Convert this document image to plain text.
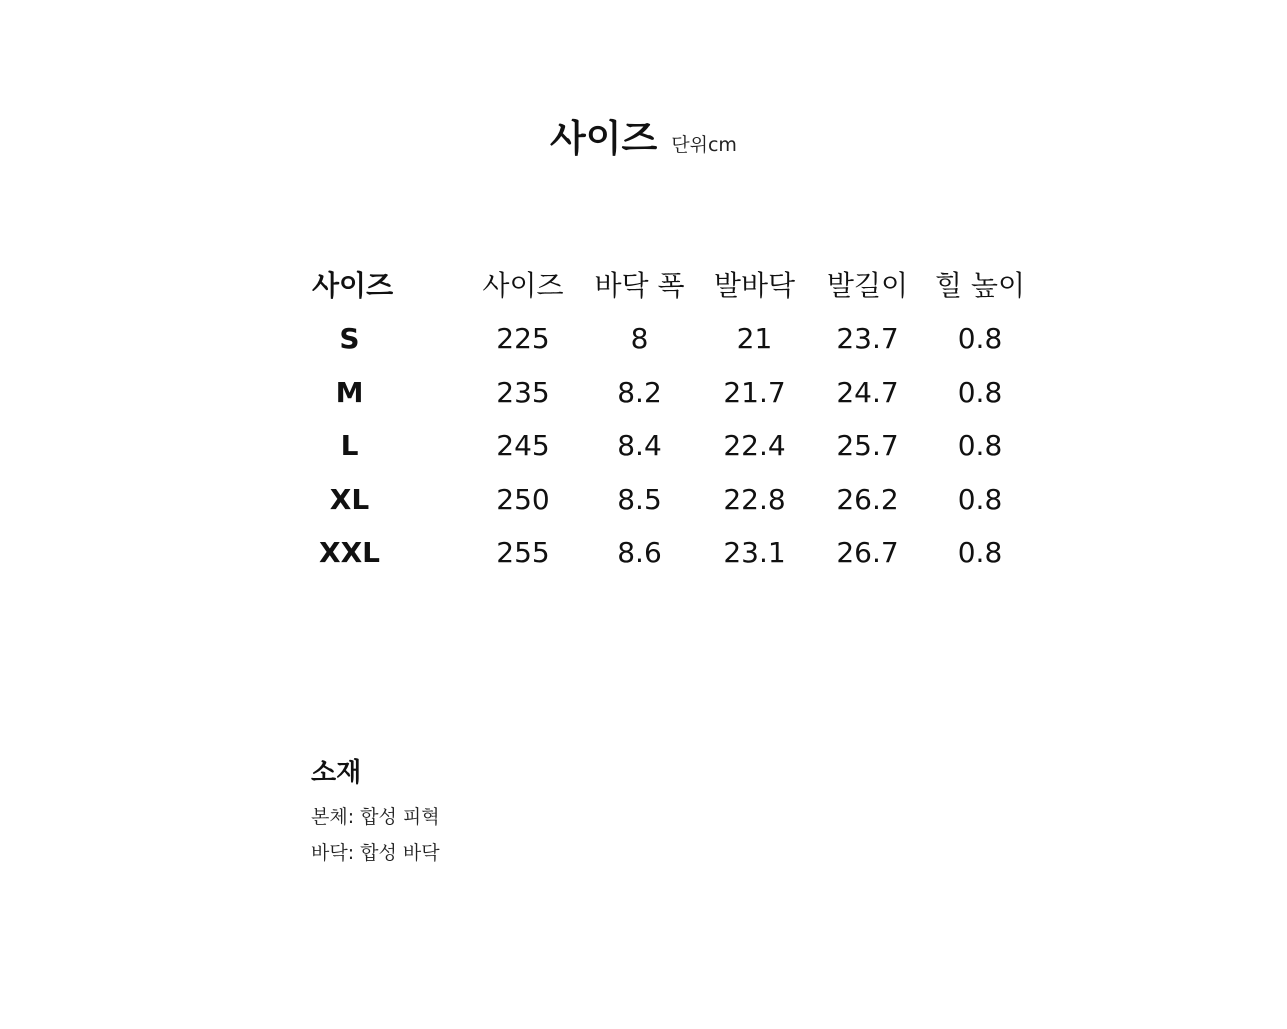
사이즈 단위cm
사이즈		사이즈	바닥 폭	발바닥	발길이	힐 높이
S		225	8	21	23.7	0.8
M		235	8.2	21.7	24.7	0.8
L		245	8.4	22.4	25.7	0.8
XL		250	8.5	22.8	26.2	0.8
XXL		255	8.6	23.1	26.7	0.8
소재
본체: 합성 피혁
바닥: 합성 바닥
